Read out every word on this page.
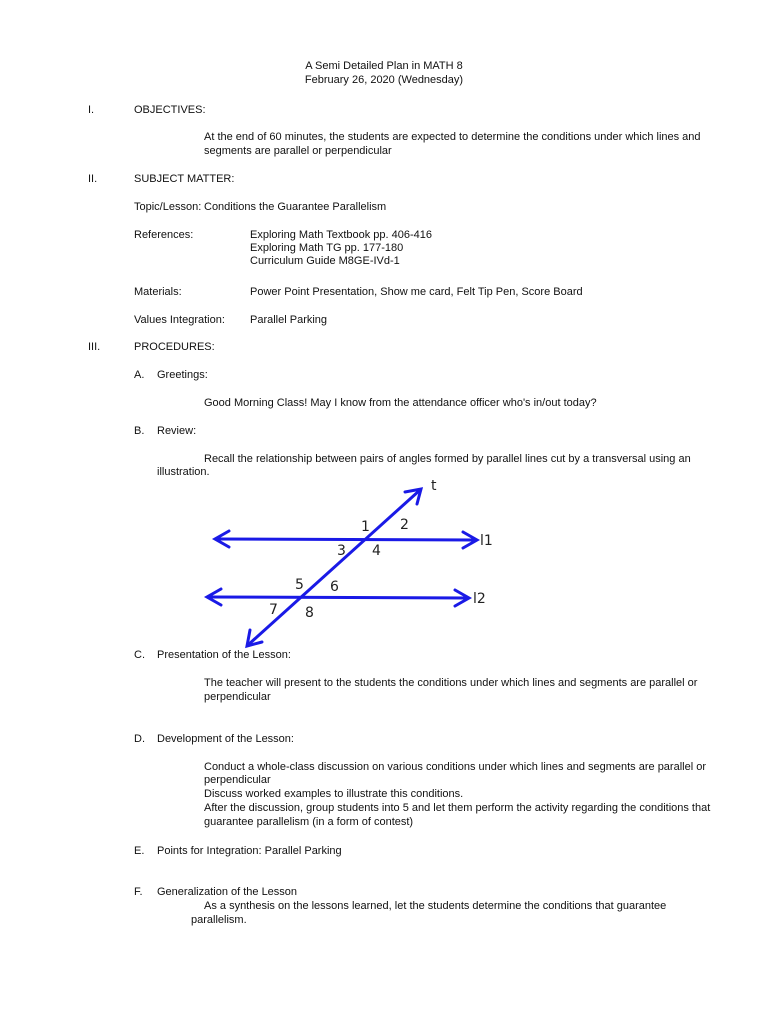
A Semi Detailed Plan in MATH 8
February 26, 2020 (Wednesday)
I.	OBJECTIVES:
At the end of 60 minutes, the students are expected to determine the conditions under which lines and
segments are parallel or perpendicular
II.	SUBJECT MATTER:
Topic/Lesson: Conditions the Guarantee Parallelism
References:	Exploring Math Textbook pp. 406-416
Exploring Math TG pp. 177-180
Curriculum Guide M8GE-IVd-1
Materials:	Power Point Presentation, Show me card, Felt Tip Pen, Score Board
Values Integration: Parallel Parking
III.	PROCEDURES:
A. Greetings:
Good Morning Class! May I know from the attendance officer who's in/out today?
B. Review:
Recall the relationship between pairs of angles formed by parallel lines cut by a transversal using an
illustration.
t
l1
l2
1 2
3 4
5 6
7 8
C. Presentation of the Lesson:
The teacher will present to the students the conditions under which lines and segments are parallel or
perpendicular
D. Development of the Lesson:
Conduct a whole-class discussion on various conditions under which lines and segments are parallel or
perpendicular
Discuss worked examples to illustrate this conditions.
After the discussion, group students into 5 and let them perform the activity regarding the conditions that
guarantee parallelism (in a form of contest)
E. Points for Integration: Parallel Parking
F. Generalization of the Lesson
As a synthesis on the lessons learned, let the students determine the conditions that guarantee
parallelism.
